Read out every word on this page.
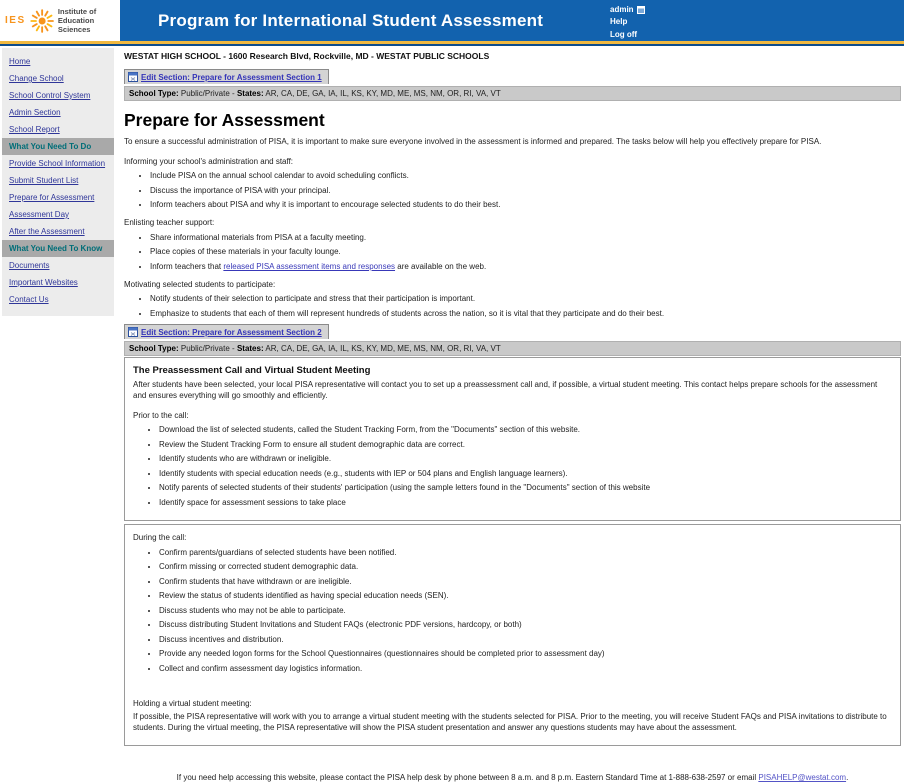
IES
Institute of
Education Sciences	Program for International Student Assessment
admin
Help
Log off
Home
Change School
School Control System
Admin Section
School Report
What You Need To Do
Provide School Information
Submit Student List
Prepare for Assessment
Assessment Day
After the Assessment
What You Need To Know
Documents
Important Websites
Contact Us
WESTAT HIGH SCHOOL - 1600 Research Blvd, Rockville, MD - WESTAT PUBLIC SCHOOLS
Edit Section: Prepare for Assessment Section 1
School Type: Public/Private - States: AR, CA, DE, GA, IA, IL, KS, KY, MD, ME, MS, NM, OR, RI, VA, VT
Prepare for Assessment

To ensure a successful administration of PISA, it is important to make sure everyone involved in the assessment is informed and prepared. The tasks below will help you effectively prepare for PISA.

Informing your school's administration and staff:
• Include PISA on the annual school calendar to avoid scheduling conflicts.
• Discuss the importance of PISA with your principal.
• Inform teachers about PISA and why it is important to encourage selected students to do their best.
Enlisting teacher support:
• Share informational materials from PISA at a faculty meeting.
• Place copies of these materials in your faculty lounge.
• Inform teachers that released PISA assessment items and responses are available on the web.
Motivating selected students to participate:
• Notify students of their selection to participate and stress that their participation is important.
• Emphasize to students that each of them will represent hundreds of students across the nation, so it is vital that they participate and do their best.
Edit Section: Prepare for Assessment Section 2
School Type: Public/Private - States: AR, CA, DE, GA, IA, IL, KS, KY, MD, ME, MS, NM, OR, RI, VA, VT
The Preassessment Call and Virtual Student Meeting

After students have been selected, your local PISA representative will contact you to set up a preassessment call and, if possible, a virtual student meeting. This contact helps prepare schools for the assessment and ensures everything will go smoothly and efficiently.

Prior to the call:
• Download the list of selected students, called the Student Tracking Form, from the "Documents" section of this website.
• Review the Student Tracking Form to ensure all student demographic data are correct.
• Identify students who are withdrawn or ineligible.
• Identify students with special education needs (e.g., students with IEP or 504 plans and English language learners).
• Notify parents of selected students of their students' participation (using the sample letters found in the "Documents" section of this website
• Identify space for assessment sessions to take place
During the call:
• Confirm parents/guardians of selected students have been notified.
• Confirm missing or corrected student demographic data.
• Confirm students that have withdrawn or are ineligible.
• Review the status of students identified as having special education needs (SEN).
• Discuss students who may not be able to participate.
• Discuss distributing Student Invitations and Student FAQs (electronic PDF versions, hardcopy, or both)
• Discuss incentives and distribution.
• Provide any needed logon forms for the School Questionnaires (questionnaires should be completed prior to assessment day)
• Collect and confirm assessment day logistics information.
Holding a virtual student meeting:

If possible, the PISA representative will work with you to arrange a virtual student meeting with the students selected for PISA. Prior to the meeting, you will receive Student FAQs and PISA invitations to distribute to students. During the virtual meeting, the PISA representative will show the PISA student presentation and answer any questions students may have about the assessment.

If you need help accessing this website, please contact the PISA help desk by phone between 8 a.m. and 8 p.m. Eastern Standard Time at 1-888-638-2597 or email PISAHELP@westat.com.
